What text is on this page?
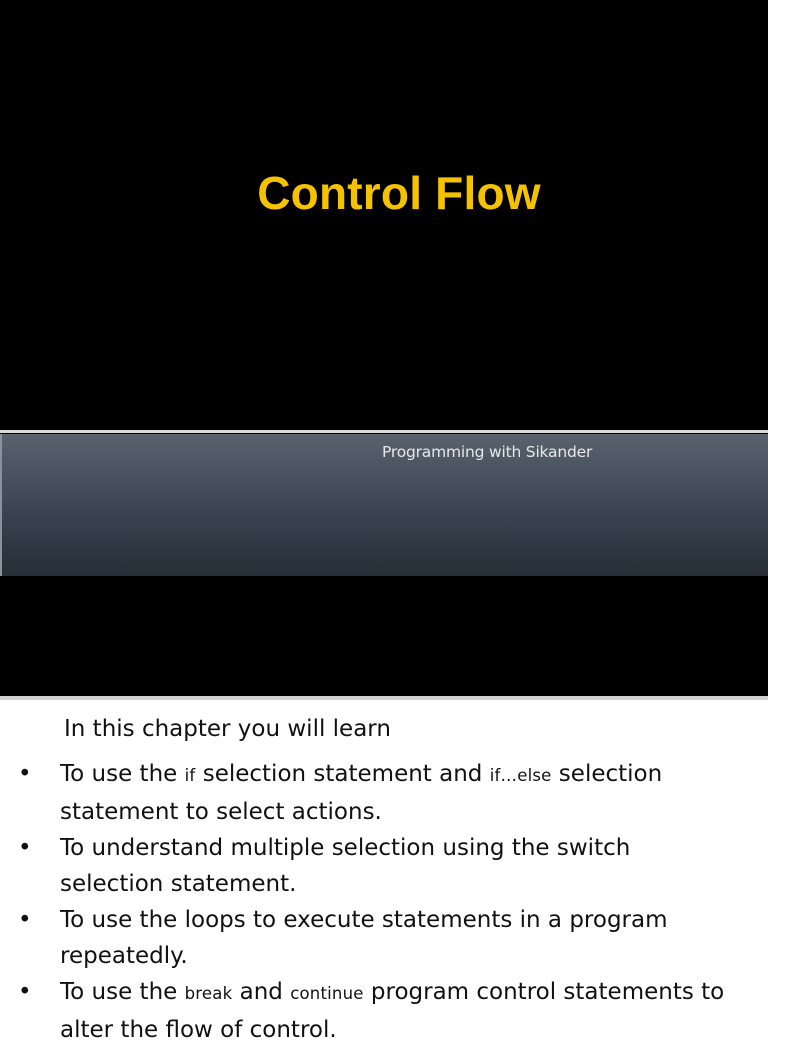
Control Flow
Programming with Sikander
In this chapter you will learn
• To use the if selection statement and if…else selection statement to select actions.
• To understand multiple selection using the switch selection statement.
• To use the loops to execute statements in a program repeatedly.
• To use the break and continue program control statements to alter the flow of control.
